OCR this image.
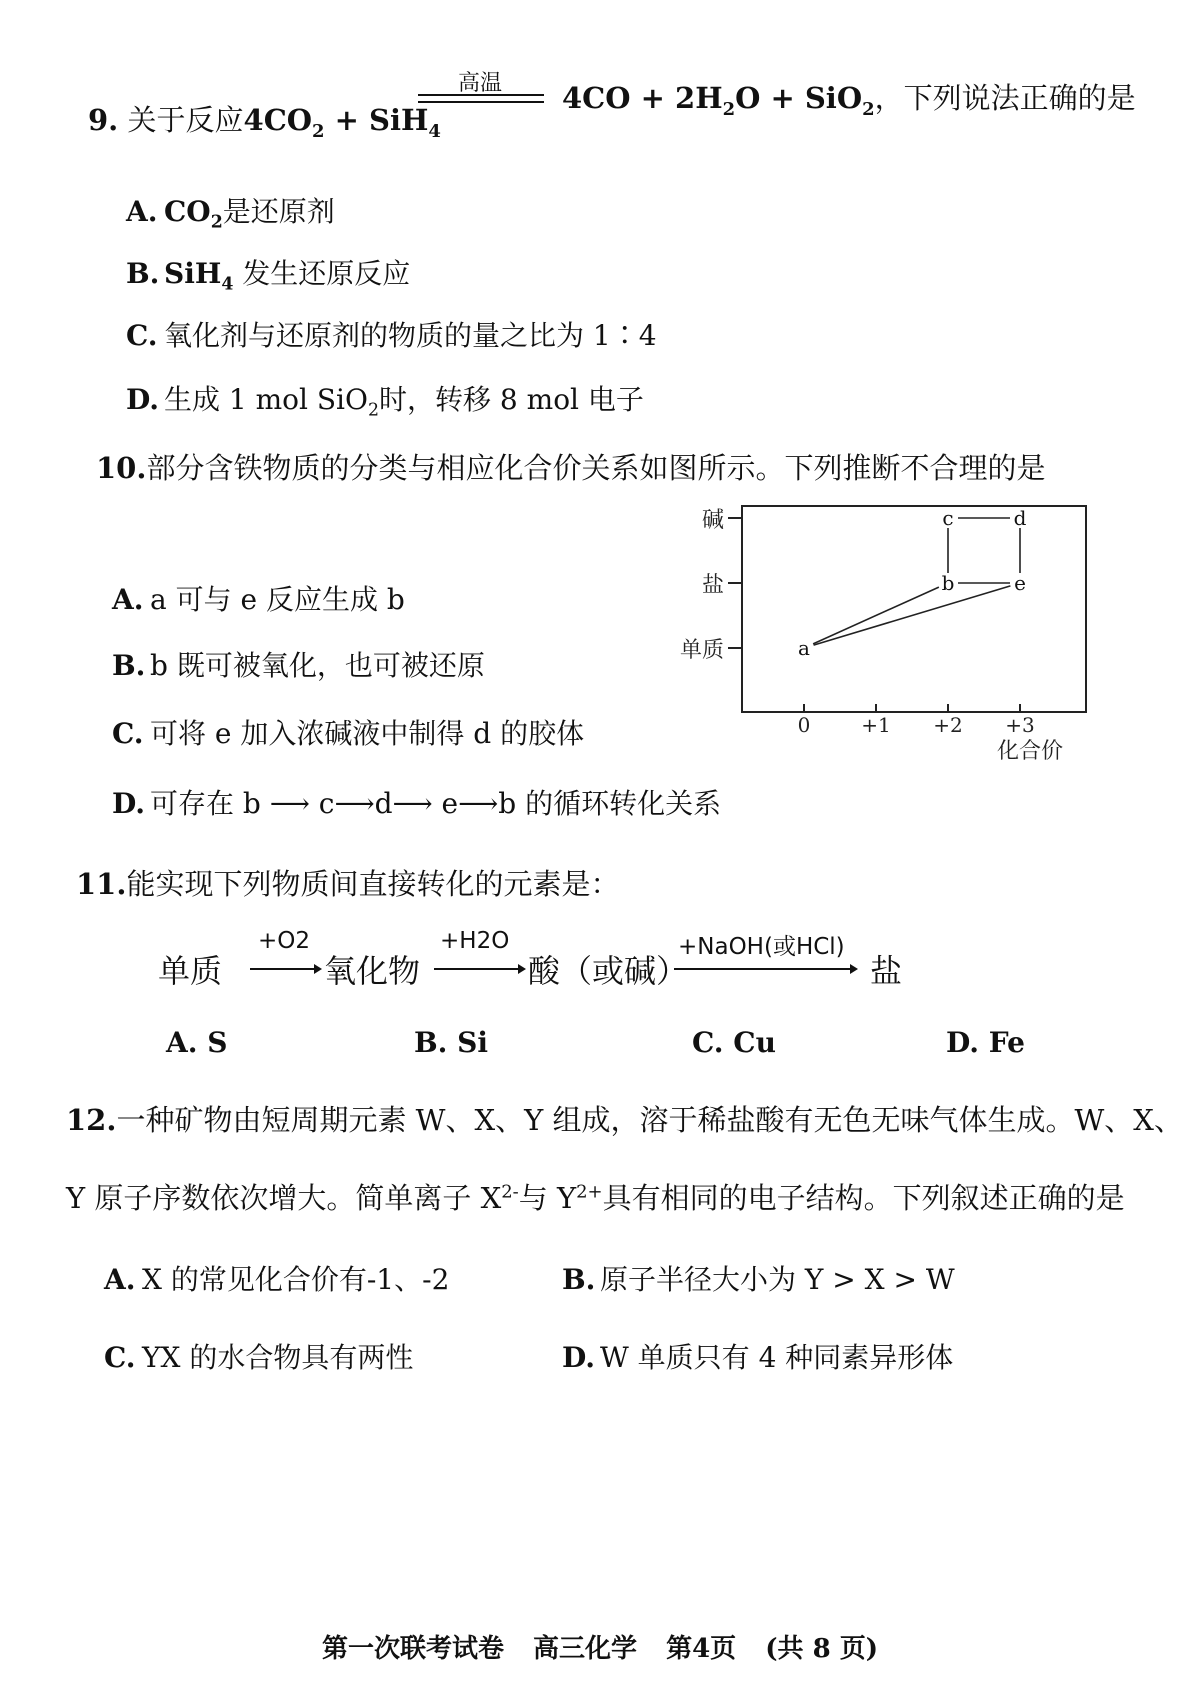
9. 关于反应$4CO_2 + SiH_4$
高温 $4CO + 2H_2O + SiO_2$，下列说法正确的是
A. $CO_2$是还原剂
B. SiH$_4$ 发生还原反应
C. 氧化剂与还原剂的物质的量之比为 1∶4
D. 生成 1 mol SiO$_2$时，转移 8 mol 电子
10.部分含铁物质的分类与相应化合价关系如图所示。下列推断不合理的是
A. a 可与 e 反应生成 b
B. b 既可被氧化，也可被还原
C. 可将 e 加入浓碱液中制得 d 的胶体
D. 可存在 b ⟶ c⟶d⟶ e⟶b 的循环转化关系
单质
盐
碱
0	+1 +2 +3
化合价
a
b	e
c	d
11.能实现下列物质间直接转化的元素是：
单质
+O2
氧化物
+H2O
酸（或碱）
+NaOH(或HCl)
盐
A. S	B. Si	C. Cu	D. Fe
12.一种矿物由短周期元素 W、X、Y 组成，溶于稀盐酸有无色无味气体生成。W、X、
Y 原子序数依次增大。简单离子 $X^{2-}$与 $Y^{2+}$具有相同的电子结构。下列叙述正确的是
A. X 的常见化合价有-1、-2	B. 原子半径大小为 Y > X > W
C. YX 的水合物具有两性	D. W 单质只有 4 种同素异形体
第一次联考试卷 高三化学 第4页 (共 8 页)
